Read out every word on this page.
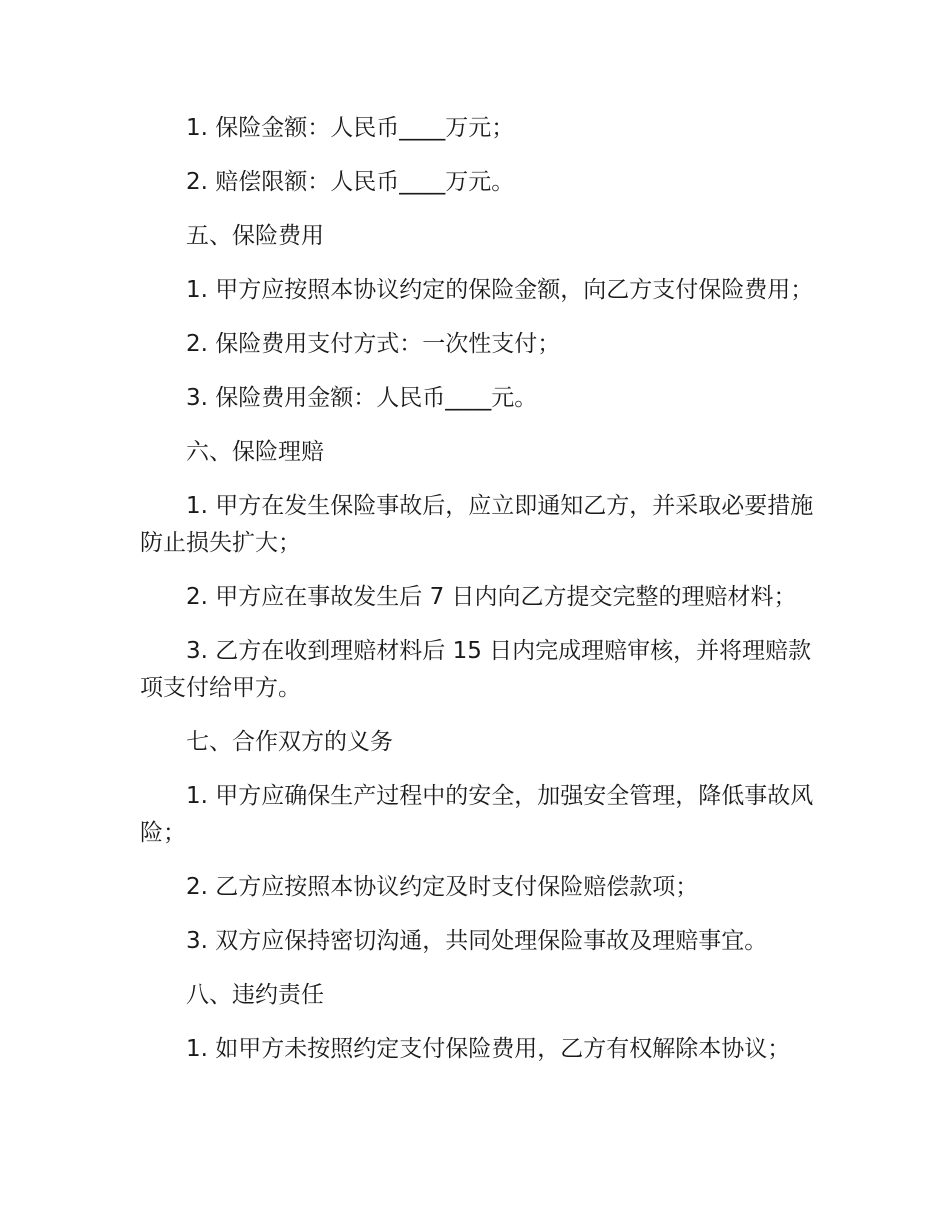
1. 保险金额：人民币____万元；

2. 赔偿限额：人民币____万元。

五、保险费用

1. 甲方应按照本协议约定的保险金额，向乙方支付保险费用；

2. 保险费用支付方式：一次性支付；

3. 保险费用金额：人民币____元。

六、保险理赔

1. 甲方在发生保险事故后，应立即通知乙方，并采取必要措施防止损失扩大；

2. 甲方应在事故发生后 7 日内向乙方提交完整的理赔材料；

3. 乙方在收到理赔材料后 15 日内完成理赔审核，并将理赔款项支付给甲方。

七、合作双方的义务

1. 甲方应确保生产过程中的安全，加强安全管理，降低事故风险；

2. 乙方应按照本协议约定及时支付保险赔偿款项；

3. 双方应保持密切沟通，共同处理保险事故及理赔事宜。

八、违约责任

1. 如甲方未按照约定支付保险费用，乙方有权解除本协议；
